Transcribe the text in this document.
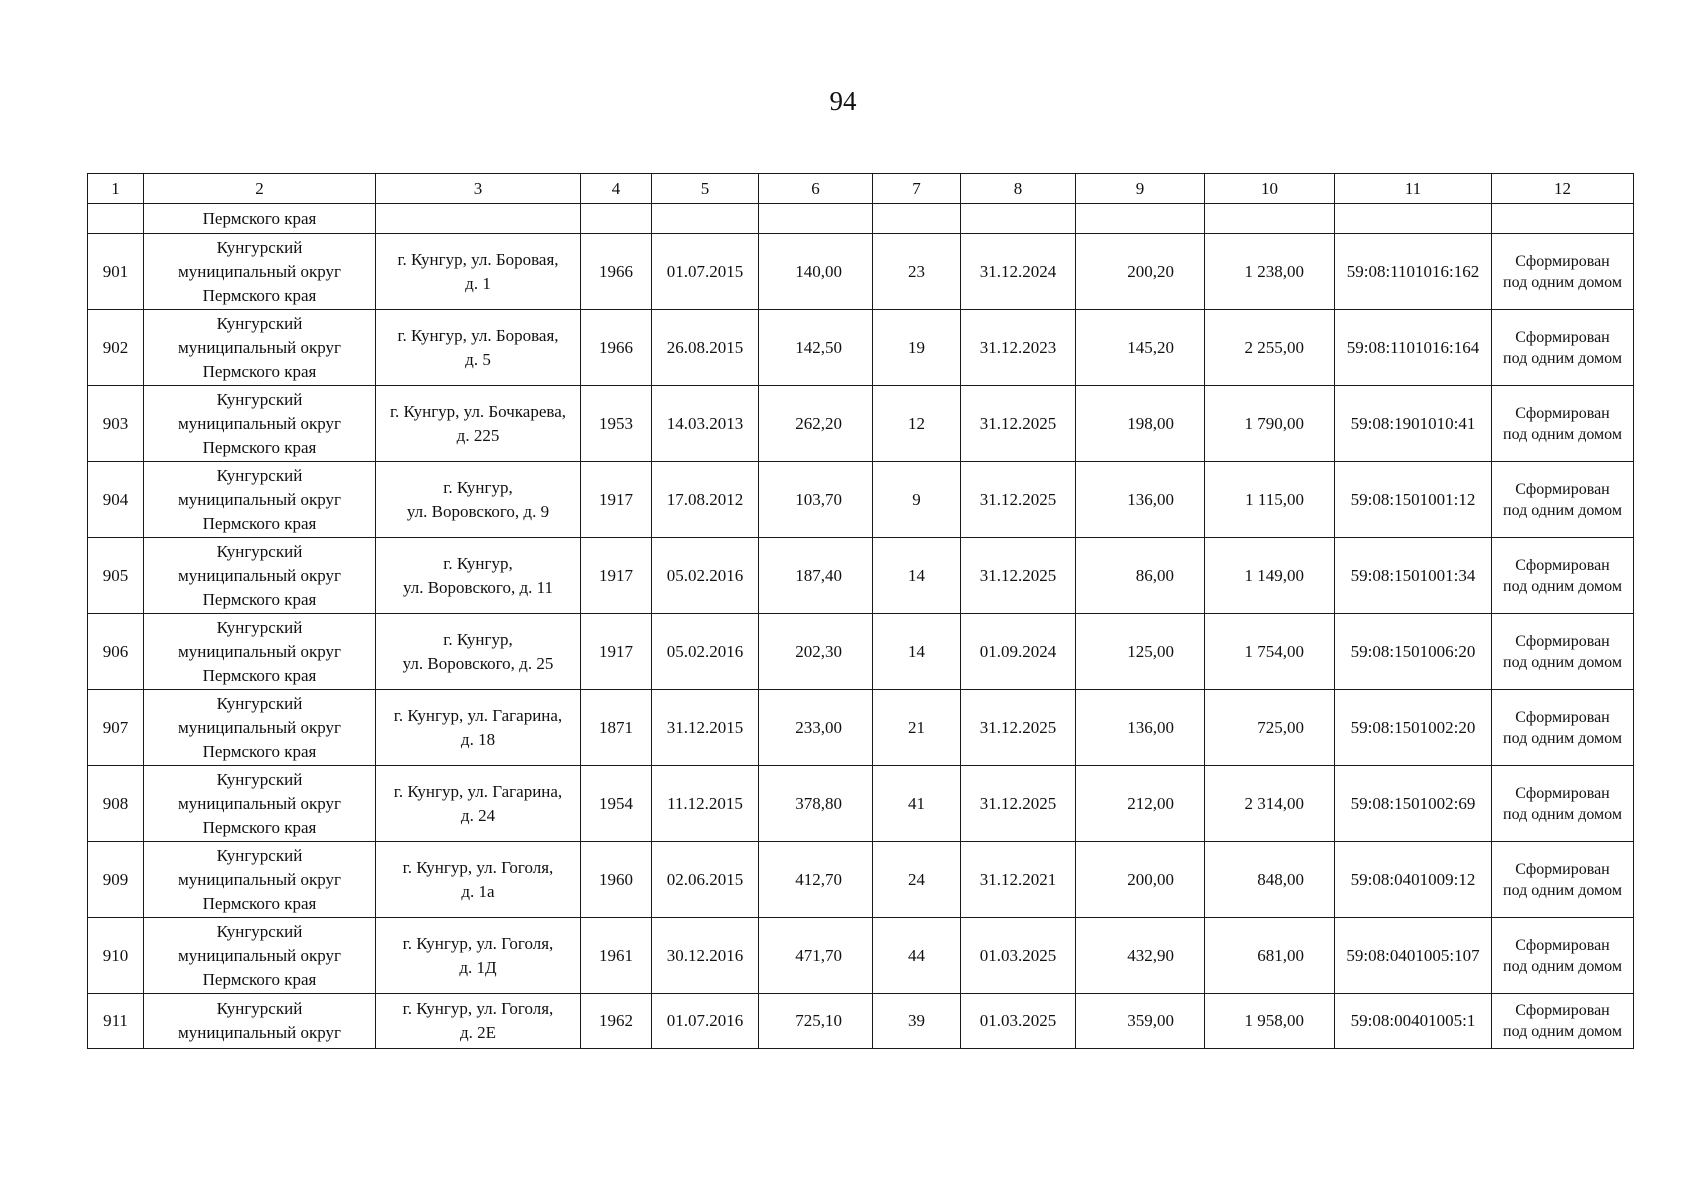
94
1	2	3	4	5	6	7	8	9	10	11	12
	Пермского края										
901	Кунгурский
муниципальный округ
Пермского края	г. Кунгур, ул. Боровая,
д. 1	1966	01.07.2015	140,00	23	31.12.2024	200,20	1 238,00	59:08:1101016:162	Сформирован
под одним домом

902	Кунгурский
муниципальный округ
Пермского края	г. Кунгур, ул. Боровая,
д. 5	1966	26.08.2015	142,50	19	31.12.2023	145,20	2 255,00	59:08:1101016:164	Сформирован
под одним домом

903	Кунгурский
муниципальный округ
Пермского края	г. Кунгур, ул. Бочкарева,
д. 225	1953	14.03.2013	262,20	12	31.12.2025	198,00	1 790,00	59:08:1901010:41	Сформирован
под одним домом

904	Кунгурский
муниципальный округ
Пермского края	г. Кунгур,
ул. Воровского, д. 9	1917	17.08.2012	103,70	9	31.12.2025	136,00	1 115,00	59:08:1501001:12	Сформирован
под одним домом

905	Кунгурский
муниципальный округ
Пермского края	г. Кунгур,
ул. Воровского, д. 11	1917	05.02.2016	187,40	14	31.12.2025	86,00	1 149,00	59:08:1501001:34	Сформирован
под одним домом

906	Кунгурский
муниципальный округ
Пермского края	г. Кунгур,
ул. Воровского, д. 25	1917	05.02.2016	202,30	14	01.09.2024	125,00	1 754,00	59:08:1501006:20	Сформирован
под одним домом

907	Кунгурский
муниципальный округ
Пермского края	г. Кунгур, ул. Гагарина,
д. 18	1871	31.12.2015	233,00	21	31.12.2025	136,00	725,00	59:08:1501002:20	Сформирован
под одним домом

908	Кунгурский
муниципальный округ
Пермского края	г. Кунгур, ул. Гагарина,
д. 24	1954	11.12.2015	378,80	41	31.12.2025	212,00	2 314,00	59:08:1501002:69	Сформирован
под одним домом

909	Кунгурский
муниципальный округ
Пермского края	г. Кунгур, ул. Гоголя,
д. 1а	1960	02.06.2015	412,70	24	31.12.2021	200,00	848,00	59:08:0401009:12	Сформирован
под одним домом

910	Кунгурский
муниципальный округ
Пермского края	г. Кунгур, ул. Гоголя,
д. 1Д	1961	30.12.2016	471,70	44	01.03.2025	432,90	681,00	59:08:0401005:107	Сформирован
под одним домом

911	Кунгурский
муниципальный округ	г. Кунгур, ул. Гоголя,
д. 2Е	1962	01.07.2016	725,10	39	01.03.2025	359,00	1 958,00	59:08:00401005:1	Сформирован
под одним домом
